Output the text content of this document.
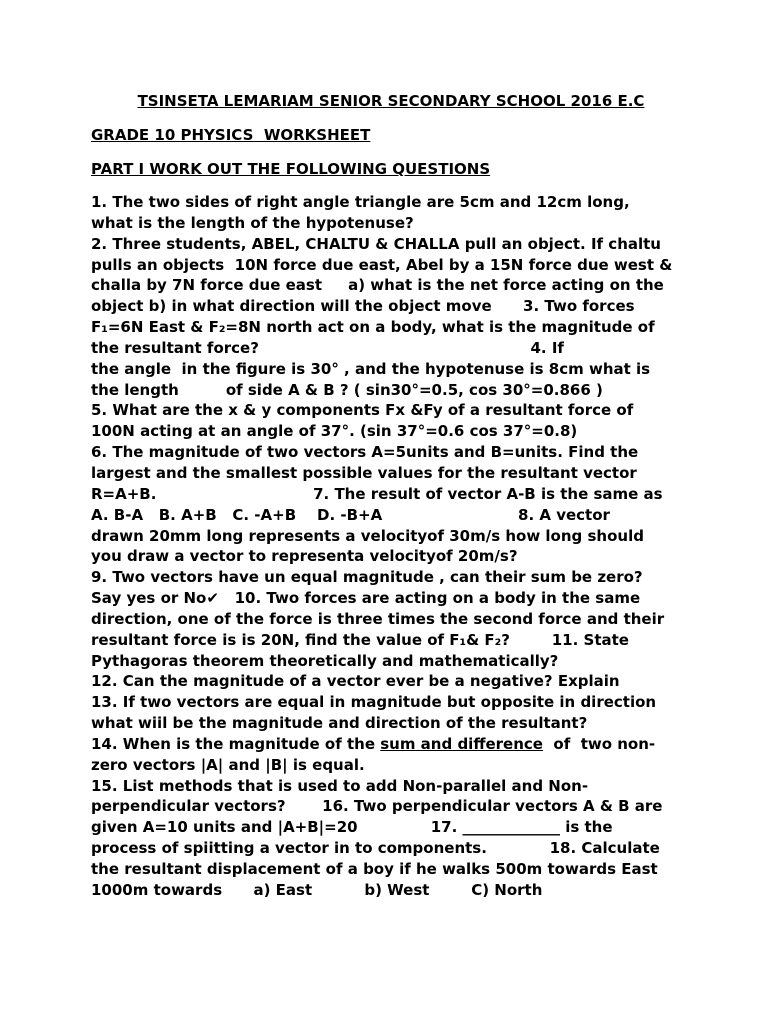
TSINSETA LEMARIAM SENIOR SECONDARY SCHOOL 2016 E.C
GRADE 10 PHYSICS  WORKSHEET
PART I WORK OUT THE FOLLOWING QUESTIONS
1. The two sides of right angle triangle are 5cm and 12cm long,
what is the length of the hypotenuse?
2. Three students, ABEL, CHALTU & CHALLA pull an object. If chaltu
pulls an objects  10N force due east, Abel by a 15N force due west &
challa by 7N force due east     a) what is the net force acting on the
object b) in what direction will the object move      3. Two forces
F₁=6N East & F₂=8N north act on a body, what is the magnitude of
the resultant force?                                                    4. If
the angle  in the figure is 30° , and the hypotenuse is 8cm what is
the length         of side A & B ? ( sin30°=0.5, cos 30°=0.866 )
5. What are the x & y components Fx &Fy of a resultant force of
100N acting at an angle of 37°. (sin 37°=0.6 cos 37°=0.8)
6. The magnitude of two vectors A=5units and B=units. Find the
largest and the smallest possible values for the resultant vector
R=A+B.                              7. The result of vector A-B is the same as
A. B-A   B. A+B   C. -A+B    D. -B+A                          8. A vector
drawn 20mm long represents a velocityof 30m/s how long should
you draw a vector to representa velocityof 20m/s?
9. Two vectors have un equal magnitude , can their sum be zero?
Say yes or No✔   10. Two forces are acting on a body in the same
direction, one of the force is three times the second force and their
resultant force is is 20N, find the value of F₁& F₂?        11. State
Pythagoras theorem theoretically and mathematically?
12. Can the magnitude of a vector ever be a negative? Explain
13. If two vectors are equal in magnitude but opposite in direction
what wiil be the magnitude and direction of the resultant?
14. When is the magnitude of the sum and difference  of  two non-
zero vectors |A| and |B| is equal.
15. List methods that is used to add Non-parallel and Non-
perpendicular vectors?       16. Two perpendicular vectors A & B are
given A=10 units and |A+B|=20              17. _____________ is the
process of spiitting a vector in to components.            18. Calculate
the resultant displacement of a boy if he walks 500m towards East
1000m towards      a) East          b) West        C) North
